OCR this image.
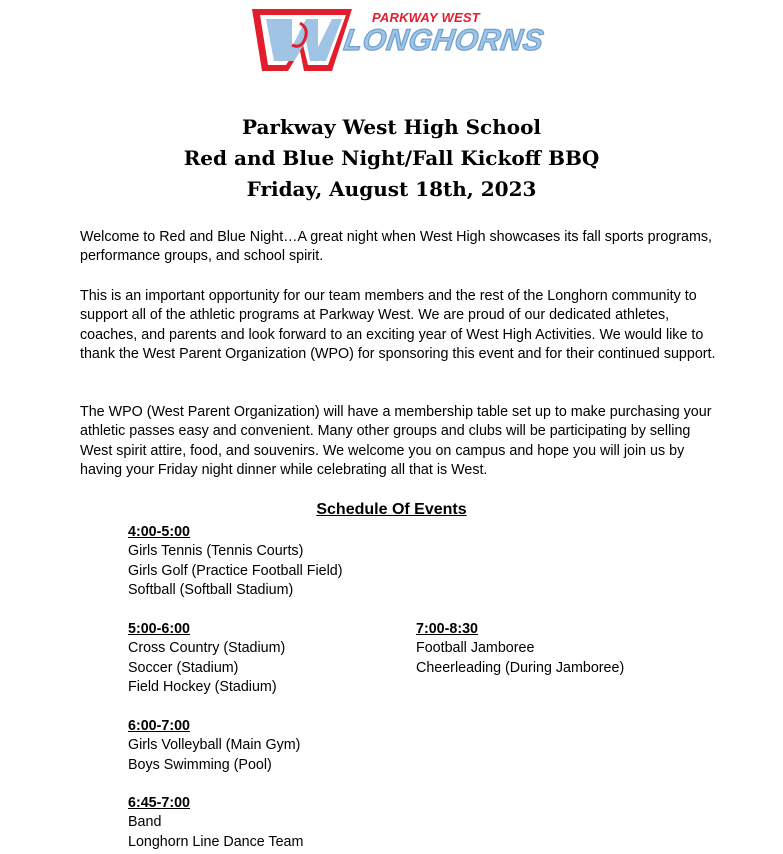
PARKWAY WEST
LONGHORNS
Parkway West High School
Red and Blue Night/Fall Kickoff BBQ
Friday, August 18th, 2023

Welcome to Red and Blue Night…A great night when West High showcases its fall sports programs, performance groups, and school spirit.

This is an important opportunity for our team members and the rest of the Longhorn community to support all of the athletic programs at Parkway West. We are proud of our dedicated athletes, coaches, and parents and look forward to an exciting year of West High Activities. We would like to thank the West Parent Organization (WPO) for sponsoring this event and for their continued support.

The WPO (West Parent Organization) will have a membership table set up to make purchasing your athletic passes easy and convenient. Many other groups and clubs will be participating by selling West spirit attire, food, and souvenirs. We welcome you on campus and hope you will join us by having your Friday night dinner while celebrating all that is West.

Schedule Of Events
4:00-5:00
Girls Tennis (Tennis Courts)
Girls Golf (Practice Football Field)
Softball (Softball Stadium)
5:00-6:00
Cross Country (Stadium)
Soccer (Stadium)
Field Hockey (Stadium)
6:00-7:00
Girls Volleyball (Main Gym)
Boys Swimming (Pool)
6:45-7:00
Band
Longhorn Line Dance Team
7:00-8:30
Football Jamboree
Cheerleading (During Jamboree)
